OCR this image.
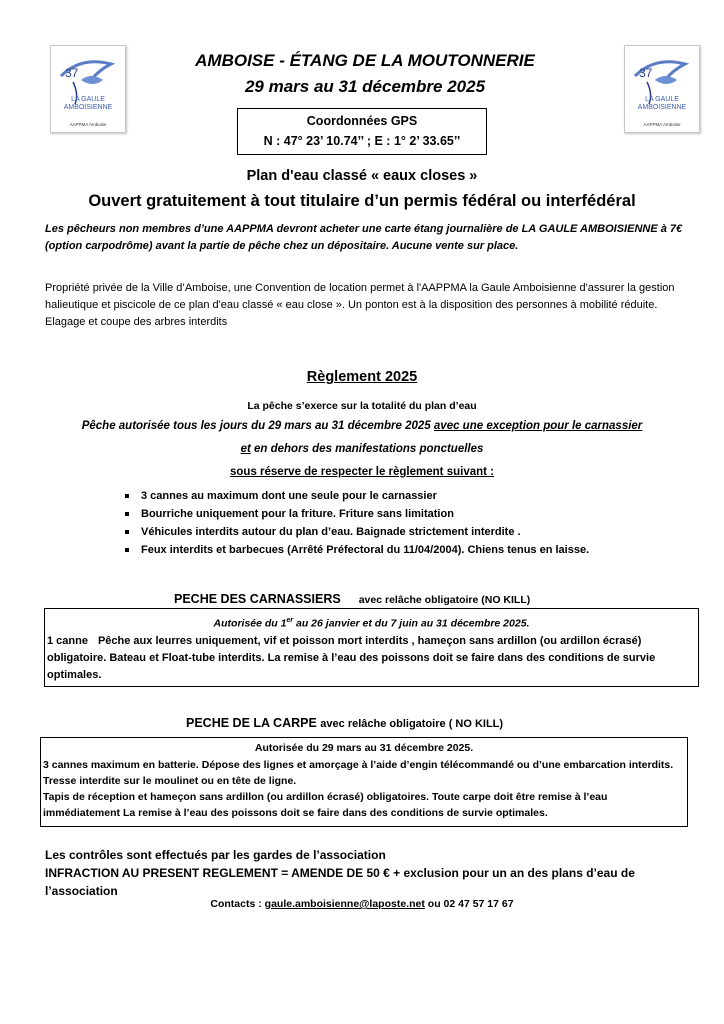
37
LA GAULE
AMBOISIENNE
AAPPMA Amboise
37
LA GAULE
AMBOISIENNE
AAPPMA Amboise
AMBOISE - ÉTANG DE LA MOUTONNERIE
29 mars au 31 décembre 2025
Coordonnées GPS
N : 47° 23’ 10.74’’ ; E : 1° 2’ 33.65’’
Plan d'eau classé « eaux closes »
Ouvert gratuitement à tout titulaire d’un permis fédéral ou interfédéral
Les pêcheurs non membres d’une AAPPMA devront acheter une carte étang journalière de LA GAULE AMBOISIENNE à 7€ (option carpodrôme) avant la partie de pêche chez un dépositaire. Aucune vente sur place.
Propriété privée de la Ville d’Amboise, une Convention de location permet à l'AAPPMA la Gaule Amboisienne d'assurer la gestion halieutique et piscicole de ce plan d'eau classé « eau close ». Un ponton est à la disposition des personnes à mobilité réduite. Elagage et coupe des arbres interdits
Règlement 2025
La pêche s’exerce sur la totalité du plan d’eau
Pêche autorisée tous les jours du 29 mars au 31 décembre 2025 avec une exception pour le carnassier
et en dehors des manifestations ponctuelles
sous réserve de respecter le règlement suivant :
3 cannes au maximum dont une seule pour le carnassier
Bourriche uniquement pour la friture. Friture sans limitation
Véhicules interdits autour du plan d’eau. Baignade strictement interdite .
Feux interdits et barbecues (Arrêté Préfectoral du 11/04/2004). Chiens tenus en laisse.
PECHE DES CARNASSIERS avec relâche obligatoire (NO KILL)
Autorisée du 1er au 26 janvier et du 7 juin au 31 décembre 2025.
1 canne Pêche aux leurres uniquement, vif et poisson mort interdits , hameçon sans ardillon (ou ardillon écrasé) obligatoire. Bateau et Float-tube interdits. La remise à l’eau des poissons doit se faire dans des conditions de survie optimales.
PECHE DE LA CARPE avec relâche obligatoire ( NO KILL)
Autorisée du 29 mars au 31 décembre 2025.
3 cannes maximum en batterie. Dépose des lignes et amorçage à l’aide d’engin télécommandé ou d’une embarcation interdits. Tresse interdite sur le moulinet ou en tête de ligne.
Tapis de réception et hameçon sans ardillon (ou ardillon écrasé) obligatoires. Toute carpe doit être remise à l’eau immédiatement La remise à l’eau des poissons doit se faire dans des conditions de survie optimales.
Les contrôles sont effectués par les gardes de l’association
INFRACTION AU PRESENT REGLEMENT = AMENDE DE 50 € + exclusion pour un an des plans d’eau de l’association
Contacts : gaule.amboisienne@laposte.net ou 02 47 57 17 67
